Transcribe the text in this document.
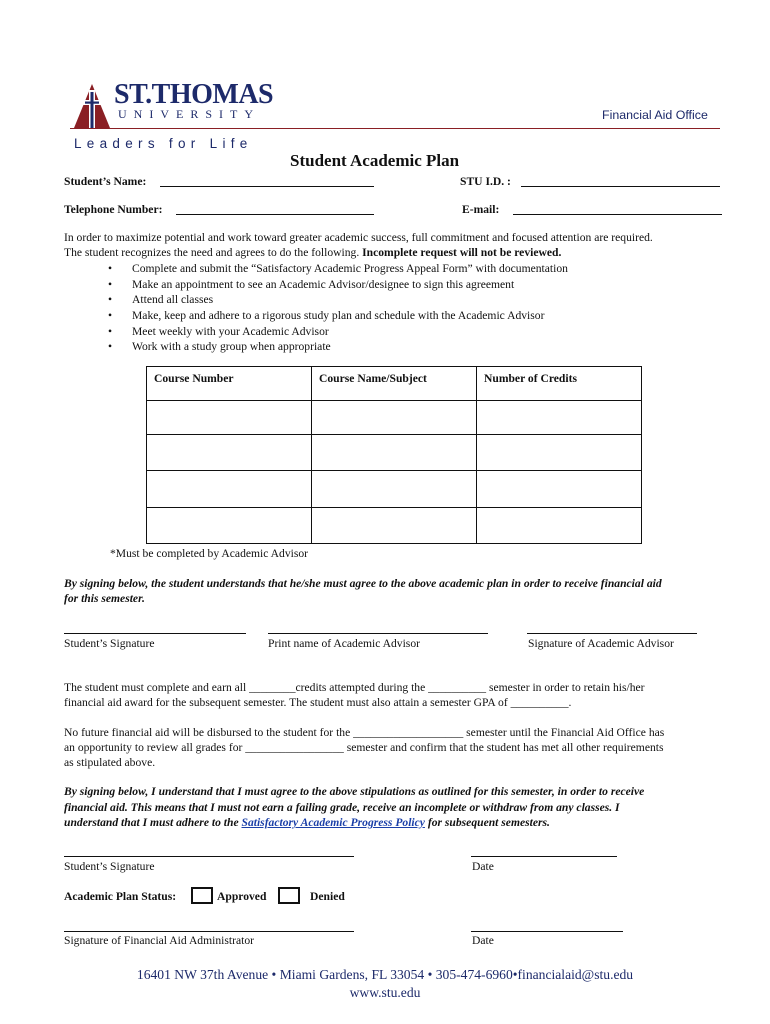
ST.THOMAS
UNIVERSITY	Financial Aid Office
Leaders for Life
Student Academic Plan
Student’s Name:	STU I.D. :
Telephone Number:	E-mail:
In order to maximize potential and work toward greater academic success, full commitment and focused attention are required.
The student recognizes the need and agrees to do the following. Incomplete request will not be reviewed.
• Complete and submit the “Satisfactory Academic Progress Appeal Form” with documentation
• Make an appointment to see an Academic Advisor/designee to sign this agreement
• Attend all classes
• Make, keep and adhere to a rigorous study plan and schedule with the Academic Advisor
• Meet weekly with your Academic Advisor
• Work with a study group when appropriate
Course Number	Course Name/Subject	Number of Credits
*Must be completed by Academic Advisor
By signing below, the student understands that he/she must agree to the above academic plan in order to receive financial aid
for this semester.
Student’s Signature	Print name of Academic Advisor	Signature of Academic Advisor
The student must complete and earn all ________credits attempted during the __________ semester in order to retain his/her
financial aid award for the subsequent semester. The student must also attain a semester GPA of __________.
No future financial aid will be disbursed to the student for the ___________________ semester until the Financial Aid Office has
an opportunity to review all grades for _________________ semester and confirm that the student has met all other requirements
as stipulated above.
By signing below, I understand that I must agree to the above stipulations as outlined for this semester, in order to receive
financial aid. This means that I must not earn a failing grade, receive an incomplete or withdraw from any classes. I
understand that I must adhere to the Satisfactory Academic Progress Policy for subsequent semesters.
Student’s Signature	Date
Academic Plan Status:	Approved	Denied
Signature of Financial Aid Administrator	Date
16401 NW 37th Avenue • Miami Gardens, FL 33054 • 305-474-6960•financialaid@stu.edu
www.stu.edu
